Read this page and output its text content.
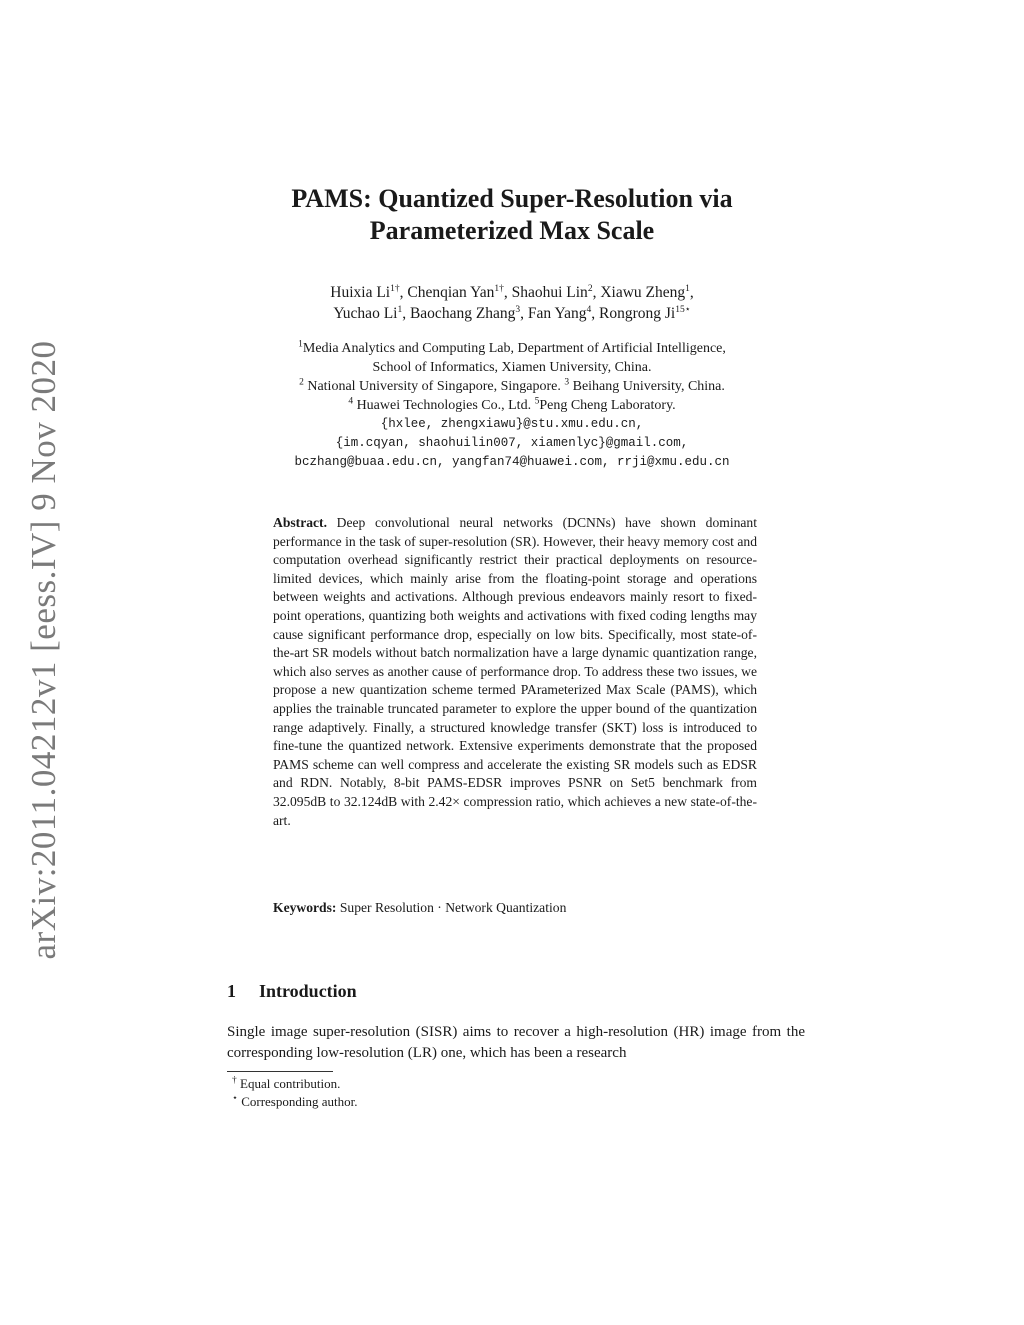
arXiv:2011.04212v1 [eess.IV] 9 Nov 2020
PAMS: Quantized Super-Resolution via
Parameterized Max Scale
Huixia $Li^{1\dagger}$, Chenqian Yan$^{1\dagger}$, Shaohui Lin$^2$, Xiawu Zheng$^1$,
Yuchao Li$^1$, Baochang Zhang$^3$, Fan Yang$^4$, Rongrong $Ji^{15⋆}$
$^1$Media Analytics and Computing Lab, Department of Artificial Intelligence,
School of Informatics, Xiamen University, China.
$^2$ National University of Singapore, Singapore. $^3$ Beihang University, China.
$^4$ Huawei Technologies Co., Ltd. $^5$Peng Cheng Laboratory.
{hxlee, zhengxiawu}@stu.xmu.edu.cn,
{im.cqyan, shaohuilin007, xiamenlyc}@gmail.com,
bczhang@buaa.edu.cn, yangfan74@huawei.com, rrji@xmu.edu.cn
Abstract. Deep convolutional neural networks (DCNNs) have shown dominant performance in the task of super-resolution (SR). However, their heavy memory cost and computation overhead significantly restrict their practical deployments on resource-limited devices, which mainly arise from the floating-point storage and operations between weights and activations. Although previous endeavors mainly resort to fixed-point operations, quantizing both weights and activations with fixed coding lengths may cause significant performance drop, especially on low bits. Specifically, most state-of-the-art SR models without batch normalization have a large dynamic quantization range, which also serves as another cause of performance drop. To address these two issues, we propose a new quantization scheme termed PArameterized Max Scale (PAMS), which applies the trainable truncated parameter to explore the upper bound of the quantization range adaptively. Finally, a structured knowledge transfer (SKT) loss is introduced to fine-tune the quantized network. Extensive experiments demonstrate that the proposed PAMS scheme can well compress and accelerate the existing SR models such as EDSR and RDN. Notably, 8-bit PAMS-EDSR improves PSNR on Set5 benchmark from 32.095dB to 32.124dB with 2.42× compression ratio, which achieves a new state-of-the-art.
Keywords: Super Resolution · Network Quantization
1 Introduction
Single image super-resolution (SISR) aims to recover a high-resolution (HR) image from the corresponding low-resolution (LR) one, which has been a research
† Equal contribution.
⋆ Corresponding author.
